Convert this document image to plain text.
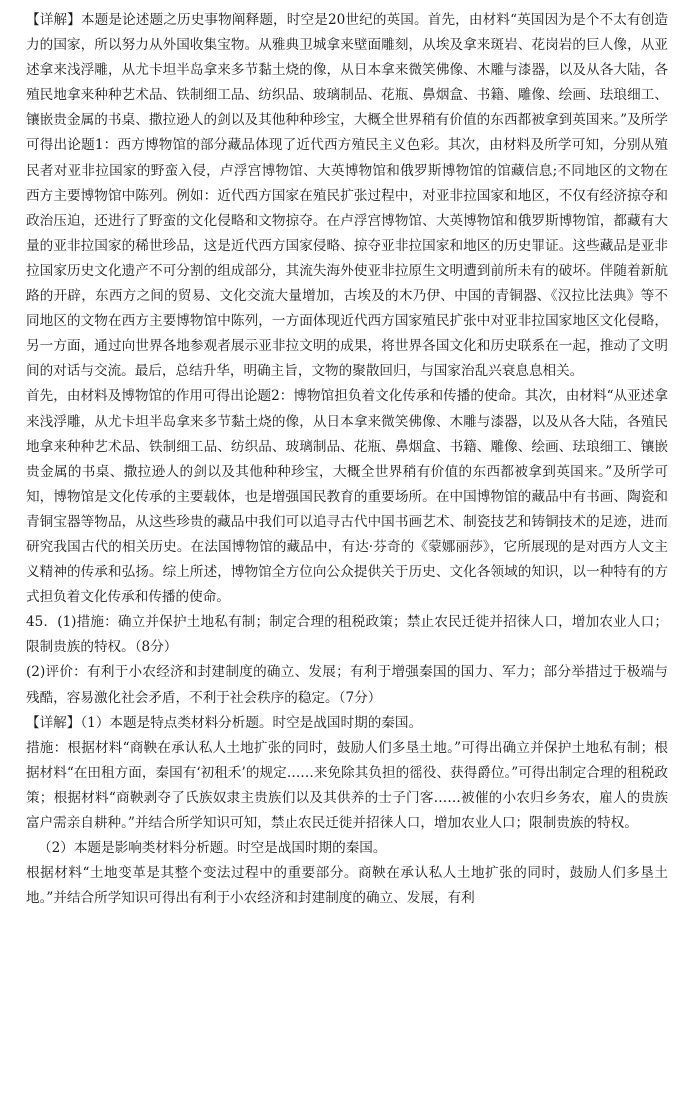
【详解】本题是论述题之历史事物阐释题，时空是20世纪的英国。首先，由材料“英国因为是个不太有创造力的国家，所以努力从外国收集宝物。从雅典卫城拿来壁面雕刻，从埃及拿来斑岩、花岗岩的巨人像，从亚述拿来浅浮雕，从尤卡坦半岛拿来多节黏土烧的像，从日本拿来微笑佛像、木雕与漆器，以及从各大陆，各殖民地拿来种种艺术品、铁制细工品、纺织品、玻璃制品、花瓶、鼻烟盒、书籍、雕像、绘画、珐琅细工、镶嵌贵金属的书桌、撒拉逊人的剑以及其他种种珍宝，大概全世界稍有价值的东西都被拿到英国来。”及所学可得出论题1：西方博物馆的部分藏品体现了近代西方殖民主义色彩。其次，由材料及所学可知，分别从殖民者对亚非拉国家的野蛮入侵，卢浮宫博物馆、大英博物馆和俄罗斯博物馆的馆藏信息;不同地区的文物在西方主要博物馆中陈列。例如：近代西方国家在殖民扩张过程中，对亚非拉国家和地区，不仅有经济掠夺和政治压迫，还进行了野蛮的文化侵略和文物掠夺。在卢浮宫博物馆、大英博物馆和俄罗斯博物馆，都藏有大量的亚非拉国家的稀世珍品，这是近代西方国家侵略、掠夺亚非拉国家和地区的历史罪证。这些藏品是亚非拉国家历史文化遗产不可分割的组成部分，其流失海外使亚非拉原生文明遭到前所未有的破坏。伴随着新航路的开辟，东西方之间的贸易、文化交流大量增加，古埃及的木乃伊、中国的青铜器、《汉拉比法典》等不同地区的文物在西方主要博物馆中陈列，一方面体现近代西方国家殖民扩张中对亚非拉国家地区文化侵略，另一方面，通过向世界各地参观者展示亚非拉文明的成果，将世界各国文化和历史联系在一起，推动了文明间的对话与交流。最后，总结升华，明确主旨，文物的聚散回归，与国家治乱兴衰息息相关。

首先，由材料及博物馆的作用可得出论题2：博物馆担负着文化传承和传播的使命。其次，由材料“从亚述拿来浅浮雕，从尤卡坦半岛拿来多节黏土烧的像，从日本拿来微笑佛像、木雕与漆器，以及从各大陆，各殖民地拿来种种艺术品、铁制细工品、纺织品、玻璃制品、花瓶、鼻烟盒、书籍、雕像、绘画、珐琅细工、镶嵌贵金属的书桌、撒拉逊人的剑以及其他种种珍宝，大概全世界稍有价值的东西都被拿到英国来。”及所学可知，博物馆是文化传承的主要载体，也是增强国民教育的重要场所。在中国博物馆的藏品中有书画、陶瓷和青铜宝器等物品，从这些珍贵的藏品中我们可以追寻古代中国书画艺术、制瓷技艺和铸铜技术的足迹，进而研究我国古代的相关历史。在法国博物馆的藏品中，有达·芬奇的《蒙娜丽莎》，它所展现的是对西方人文主义精神的传承和弘扬。综上所述，博物馆全方位向公众提供关于历史、文化各领域的知识，以一种特有的方式担负着文化传承和传播的使命。

45．(1)措施：确立并保护土地私有制；制定合理的租税政策；禁止农民迁徙并招徕人口，增加农业人口；限制贵族的特权。（8分）

(2)评价：有利于小农经济和封建制度的确立、发展；有利于增强秦国的国力、军力；部分举措过于极端与残酷，容易激化社会矛盾，不利于社会秩序的稳定。（7分）

【详解】（1）本题是特点类材料分析题。时空是战国时期的秦国。

措施：根据材料“商鞅在承认私人土地扩张的同时，鼓励人们多垦土地。”可得出确立并保护土地私有制；根据材料“在田租方面，秦国有‘初租禾’的规定……来免除其负担的徭役、获得爵位。”可得出制定合理的租税政策；根据材料“商鞅剥夺了氏族奴隶主贵族们以及其供养的士子门客……被催的小农归乡务农，雇人的贵族富户需亲自耕种。”并结合所学知识可知，禁止农民迁徙并招徕人口，增加农业人口；限制贵族的特权。

（2）本题是影响类材料分析题。时空是战国时期的秦国。

根据材料“土地变革是其整个变法过程中的重要部分。商鞅在承认私人土地扩张的同时，鼓励人们多垦土地。”并结合所学知识可得出有利于小农经济和封建制度的确立、发展，有利
